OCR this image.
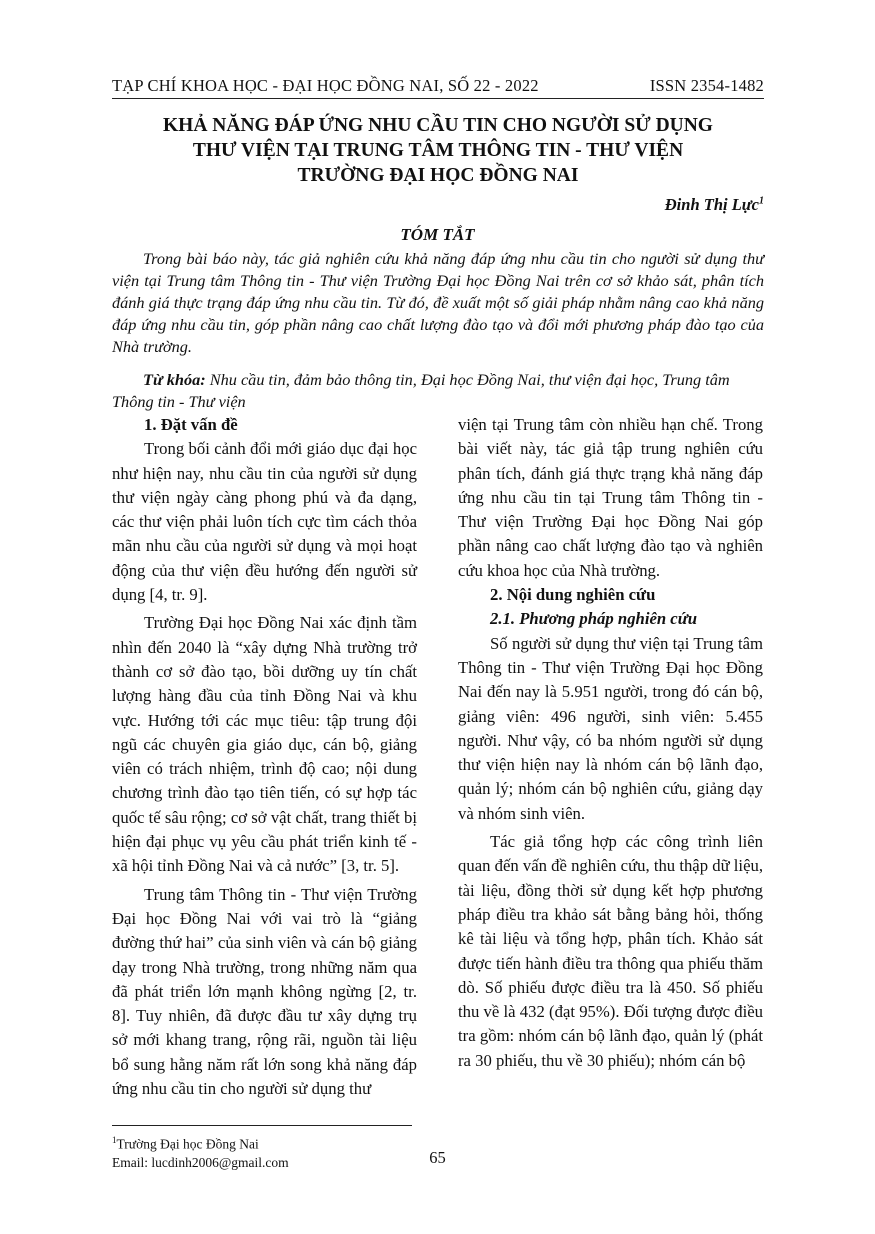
TẠP CHÍ KHOA HỌC - ĐẠI HỌC ĐỒNG NAI, SỐ 22 - 2022	ISSN 2354-1482
KHẢ NĂNG ĐÁP ỨNG NHU CẦU TIN CHO NGƯỜI SỬ DỤNG
THƯ VIỆN TẠI TRUNG TÂM THÔNG TIN - THƯ VIỆN
TRƯỜNG ĐẠI HỌC ĐỒNG NAI
Đinh Thị Lực$^1$
TÓM TẮT

Trong bài báo này, tác giả nghiên cứu khả năng đáp ứng nhu cầu tin cho người sử dụng thư viện tại Trung tâm Thông tin - Thư viện Trường Đại học Đồng Nai trên cơ sở khảo sát, phân tích đánh giá thực trạng đáp ứng nhu cầu tin. Từ đó, đề xuất một số giải pháp nhằm nâng cao khả năng đáp ứng nhu cầu tin, góp phần nâng cao chất lượng đào tạo và đổi mới phương pháp đào tạo của Nhà trường.

Từ khóa: Nhu cầu tin, đảm bảo thông tin, Đại học Đồng Nai, thư viện đại học, Trung tâm Thông tin - Thư viện

1. Đặt vấn đề

Trong bối cảnh đổi mới giáo dục đại học như hiện nay, nhu cầu tin của người sử dụng thư viện ngày càng phong phú và đa dạng, các thư viện phải luôn tích cực tìm cách thỏa mãn nhu cầu của người sử dụng và mọi hoạt động của thư viện đều hướng đến người sử dụng [4, tr. 9].

Trường Đại học Đồng Nai xác định tầm nhìn đến 2040 là “xây dựng Nhà trường trở thành cơ sở đào tạo, bồi dưỡng uy tín chất lượng hàng đầu của tỉnh Đồng Nai và khu vực. Hướng tới các mục tiêu: tập trung đội ngũ các chuyên gia giáo dục, cán bộ, giảng viên có trách nhiệm, trình độ cao; nội dung chương trình đào tạo tiên tiến, có sự hợp tác quốc tế sâu rộng; cơ sở vật chất, trang thiết bị hiện đại phục vụ yêu cầu phát triển kinh tế - xã hội tỉnh Đồng Nai và cả nước” [3, tr. 5].

Trung tâm Thông tin - Thư viện Trường Đại học Đồng Nai với vai trò là “giảng đường thứ hai” của sinh viên và cán bộ giảng dạy trong Nhà trường, trong những năm qua đã phát triển lớn mạnh không ngừng [2, tr. 8]. Tuy nhiên, đã được đầu tư xây dựng trụ sở mới khang trang, rộng rãi, nguồn tài liệu bổ sung hằng năm rất lớn song khả năng đáp ứng nhu cầu tin cho người sử dụng thư

viện tại Trung tâm còn nhiều hạn chế. Trong bài viết này, tác giả tập trung nghiên cứu phân tích, đánh giá thực trạng khả năng đáp ứng nhu cầu tin tại Trung tâm Thông tin - Thư viện Trường Đại học Đồng Nai góp phần nâng cao chất lượng đào tạo và nghiên cứu khoa học của Nhà trường.

2. Nội dung nghiên cứu

2.1. Phương pháp nghiên cứu

Số người sử dụng thư viện tại Trung tâm Thông tin - Thư viện Trường Đại học Đồng Nai đến nay là 5.951 người, trong đó cán bộ, giảng viên: 496 người, sinh viên: 5.455 người. Như vậy, có ba nhóm người sử dụng thư viện hiện nay là nhóm cán bộ lãnh đạo, quản lý; nhóm cán bộ nghiên cứu, giảng dạy và nhóm sinh viên.

Tác giả tổng hợp các công trình liên quan đến vấn đề nghiên cứu, thu thập dữ liệu, tài liệu, đồng thời sử dụng kết hợp phương pháp điều tra khảo sát bằng bảng hỏi, thống kê tài liệu và tổng hợp, phân tích. Khảo sát được tiến hành điều tra thông qua phiếu thăm dò. Số phiếu được điều tra là 450. Số phiếu thu về là 432 (đạt 95%). Đối tượng được điều tra gồm: nhóm cán bộ lãnh đạo, quản lý (phát ra 30 phiếu, thu về 30 phiếu); nhóm cán bộ

$^1$Trường Đại học Đồng Nai
Email: lucdinh2006@gmail.com	65
